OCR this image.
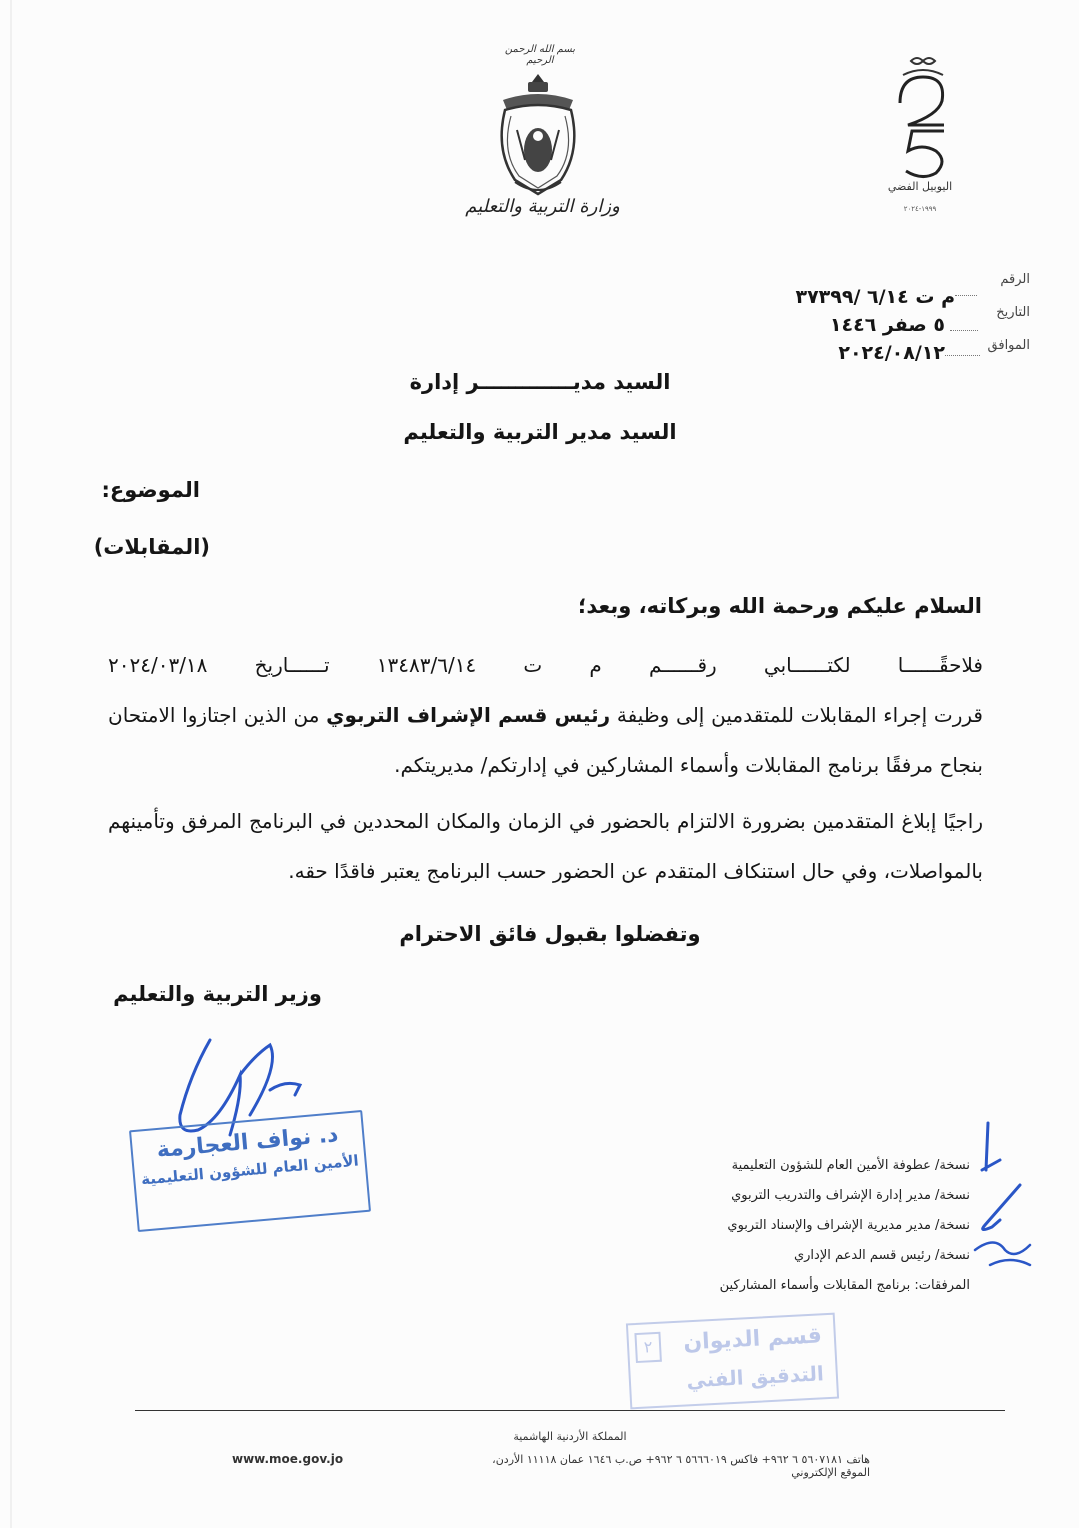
بسم الله الرحمن الرحيم
وزارة التربية والتعليم
اليوبيل الفضي
١٩٩٩-٢٠٢٤
الرقم
م ت ٦/١٤ /٣٧٣٩٩
التاريخ
٥ صفر ١٤٤٦
الموافق
٢٠٢٤/٠٨/١٢
السيد مديـــــــــــــر إدارة
السيد مدير التربية والتعليم
الموضوع:
(المقابلات)
السلام عليكم ورحمة الله وبركاته، وبعد؛
فلاحقًــــــا لكتــــــابي رقــــــم م ت ١٣٤٨٣/٦/١٤ تــــــاريخ ٢٠٢٤/٠٣/١٨
قررت إجراء المقابلات للمتقدمين إلى وظيفة رئيس قسم الإشراف التربوي من الذين اجتازوا الامتحان بنجاح مرفقًا برنامج المقابلات وأسماء المشاركين في إدارتكم/ مديريتكم.
راجيًا إبلاغ المتقدمين بضرورة الالتزام بالحضور في الزمان والمكان المحددين في البرنامج المرفق وتأمينهم بالمواصلات، وفي حال استنكاف المتقدم عن الحضور حسب البرنامج يعتبر فاقدًا حقه.
وتفضلوا بقبول فائق الاحترام
وزير التربية والتعليم
د. نواف العجارمة
الأمين العام للشؤون التعليمية	نسخة/ عطوفة الأمين العام للشؤون التعليمية
نسخة/ مدير إدارة الإشراف والتدريب التربوي
نسخة/ مدير مديرية الإشراف والإسناد التربوي
نسخة/ رئيس قسم الدعم الإداري
المرفقات: برنامج المقابلات وأسماء المشاركين
قسم الديوان
التدقيق الفني
٢
المملكة الأردنية الهاشمية
هاتف ٥٦٠٧١٨١ ٦ ٩٦٢+ فاكس ٥٦٦٦٠١٩ ٦ ٩٦٢+ ص.ب ١٦٤٦ عمان ١١١١٨ الأردن، الموقع الإلكتروني
www.moe.gov.jo
